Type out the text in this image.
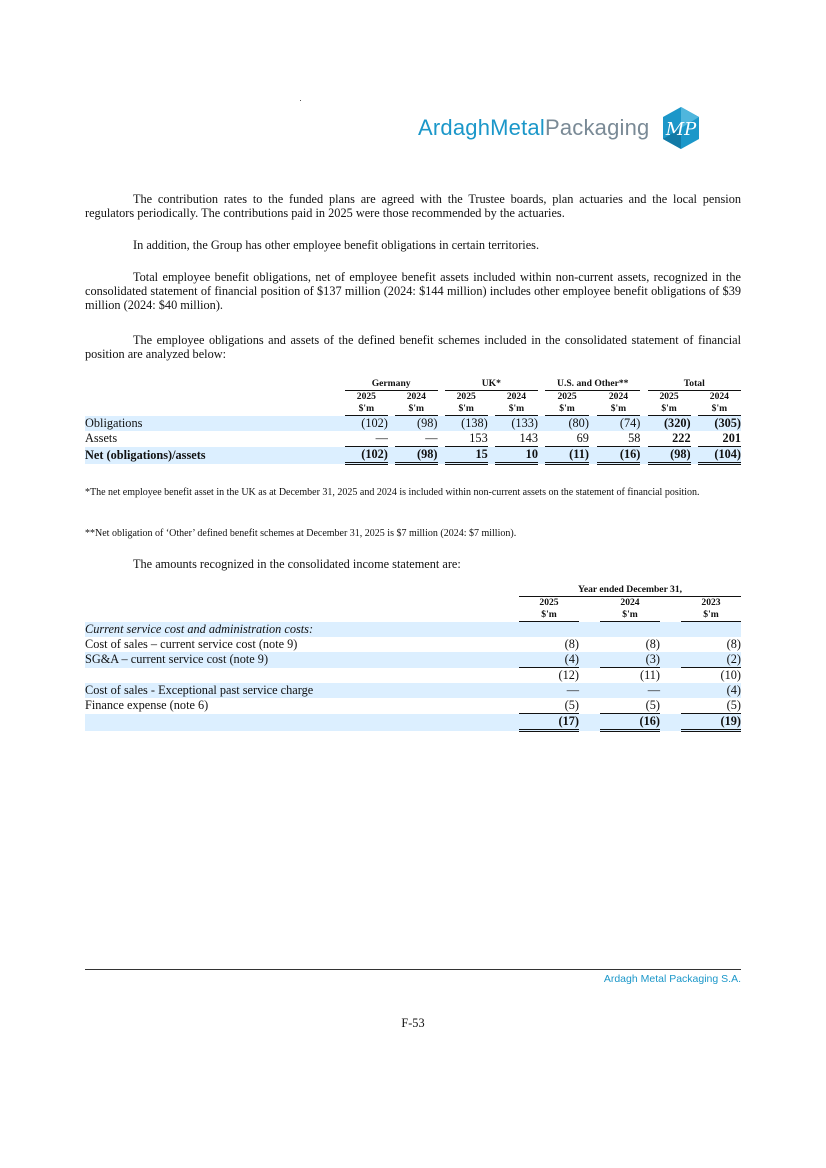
ArdaghMetalPackaging MP
The contribution rates to the funded plans are agreed with the Trustee boards, plan actuaries and the local pension regulators periodically. The contributions paid in 2025 were those recommended by the actuaries.
In addition, the Group has other employee benefit obligations in certain territories.
Total employee benefit obligations, net of employee benefit assets included within non-current assets, recognized in the consolidated statement of financial position of $137 million (2024: $144 million) includes other employee benefit obligations of $39 million (2024: $40 million).
The employee obligations and assets of the defined benefit schemes included in the consolidated statement of financial position are analyzed below:
	Germany				UK*				U.S. and Other**				Total		
	2025		2024		2025		2024		2025		2024		2025		2024
	$'m		$'m		$'m		$'m		$'m		$'m		$'m		$'m
Obligations	(102)		(98)		(138)		(133)		(80)		(74)		(320)		(305)
Assets	—		—		153		143		69		58		222		201
Net (obligations)/assets	(102)		(98)		15		10		(11)		(16)		(98)		(104)
*The net employee benefit asset in the UK as at December 31, 2025 and 2024 is included within non-current assets on the statement of financial position.
**Net obligation of ‘Other’ defined benefit schemes at December 31, 2025 is $7 million (2024: $7 million).
The amounts recognized in the consolidated income statement are:
	Year ended December 31,				
	2025		2024		2023
	$'m		$'m		$'m
Current service cost and administration costs:					
Cost of sales – current service cost (note 9)	(8)		(8)		(8)
SG&A – current service cost (note 9)	(4)		(3)		(2)
	(12)		(11)		(10)
Cost of sales - Exceptional past service charge	—		—		(4)
Finance expense (note 6)	(5)		(5)		(5)
	(17)		(16)		(19)
Ardagh Metal Packaging S.A.
F-53
